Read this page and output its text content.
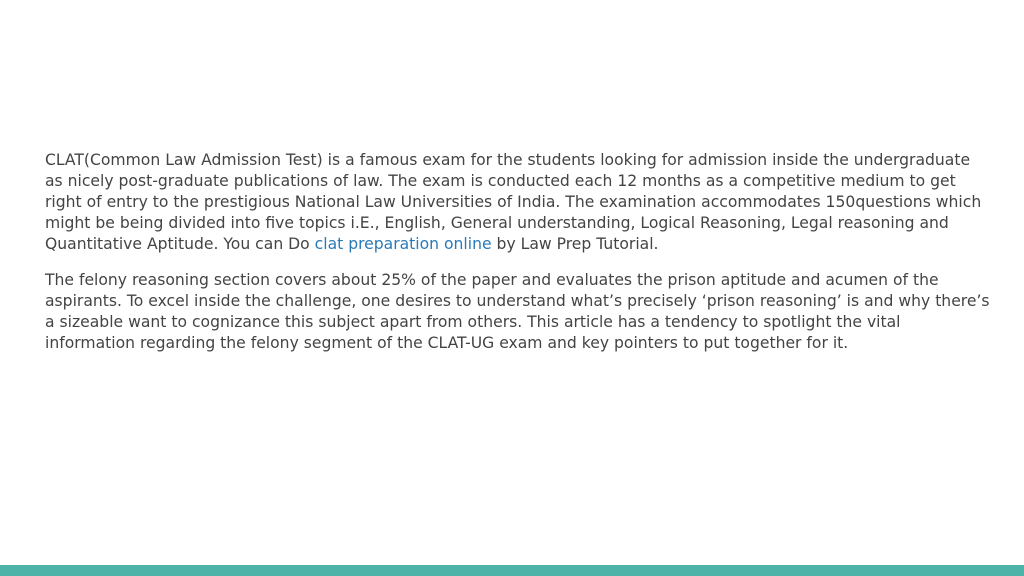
CLAT(Common Law Admission Test) is a famous exam for the students looking for admission inside the undergraduate as nicely post-graduate publications of law. The exam is conducted each 12 months as a competitive medium to get right of entry to the prestigious National Law Universities of India. The examination accommodates 150questions which might be being divided into five topics i.E., English, General understanding, Logical Reasoning, Legal reasoning and Quantitative Aptitude. You can Do clat preparation online by Law Prep Tutorial.

The felony reasoning section covers about 25% of the paper and evaluates the prison aptitude and acumen of the aspirants. To excel inside the challenge, one desires to understand what’s precisely ‘prison reasoning’ is and why there’s a sizeable want to cognizance this subject apart from others. This article has a tendency to spotlight the vital information regarding the felony segment of the CLAT-UG exam and key pointers to put together for it.
